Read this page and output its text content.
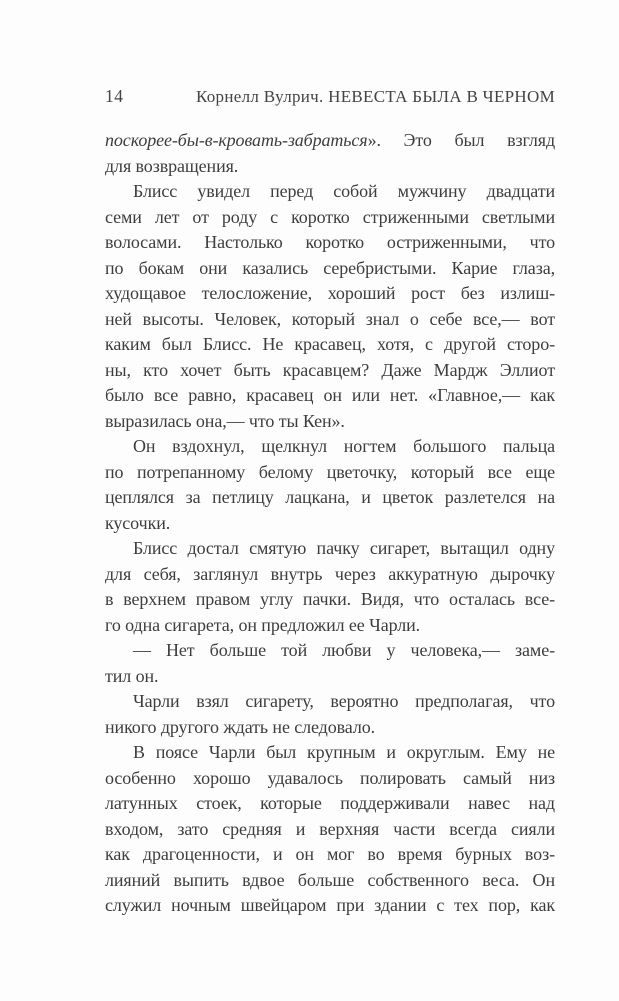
14	Корнелл Вулрич. НЕВЕСТА БЫЛА В ЧЕРНОМ
поскорее-бы-в-кровать-забраться». Это был взгляд
для возвращения.
Блисс увидел перед собой мужчину двадцати
семи лет от роду с коротко стриженными светлыми
волосами. Настолько коротко остриженными, что
по бокам они казались серебристыми. Карие глаза,
худощавое телосложение, хороший рост без излиш-
ней высоты. Человек, который знал о себе все,— вот
каким был Блисс. Не красавец, хотя, с другой сторо-
ны, кто хочет быть красавцем? Даже Мардж Эллиот
было все равно, красавец он или нет. «Главное,— как
выразилась она,— что ты Кен».
Он вздохнул, щелкнул ногтем большого пальца
по потрепанному белому цветочку, который все еще
цеплялся за петлицу лацкана, и цветок разлетелся на
кусочки.
Блисс достал смятую пачку сигарет, вытащил одну
для себя, заглянул внутрь через аккуратную дырочку
в верхнем правом углу пачки. Видя, что осталась все-
го одна сигарета, он предложил ее Чарли.
— Нет больше той любви у человека,— заме-
тил он.
Чарли взял сигарету, вероятно предполагая, что
никого другого ждать не следовало.
В поясе Чарли был крупным и округлым. Ему не
особенно хорошо удавалось полировать самый низ
латунных стоек, которые поддерживали навес над
входом, зато средняя и верхняя части всегда сияли
как драгоценности, и он мог во время бурных воз-
лияний выпить вдвое больше собственного веса. Он
служил ночным швейцаром при здании с тех пор, как
